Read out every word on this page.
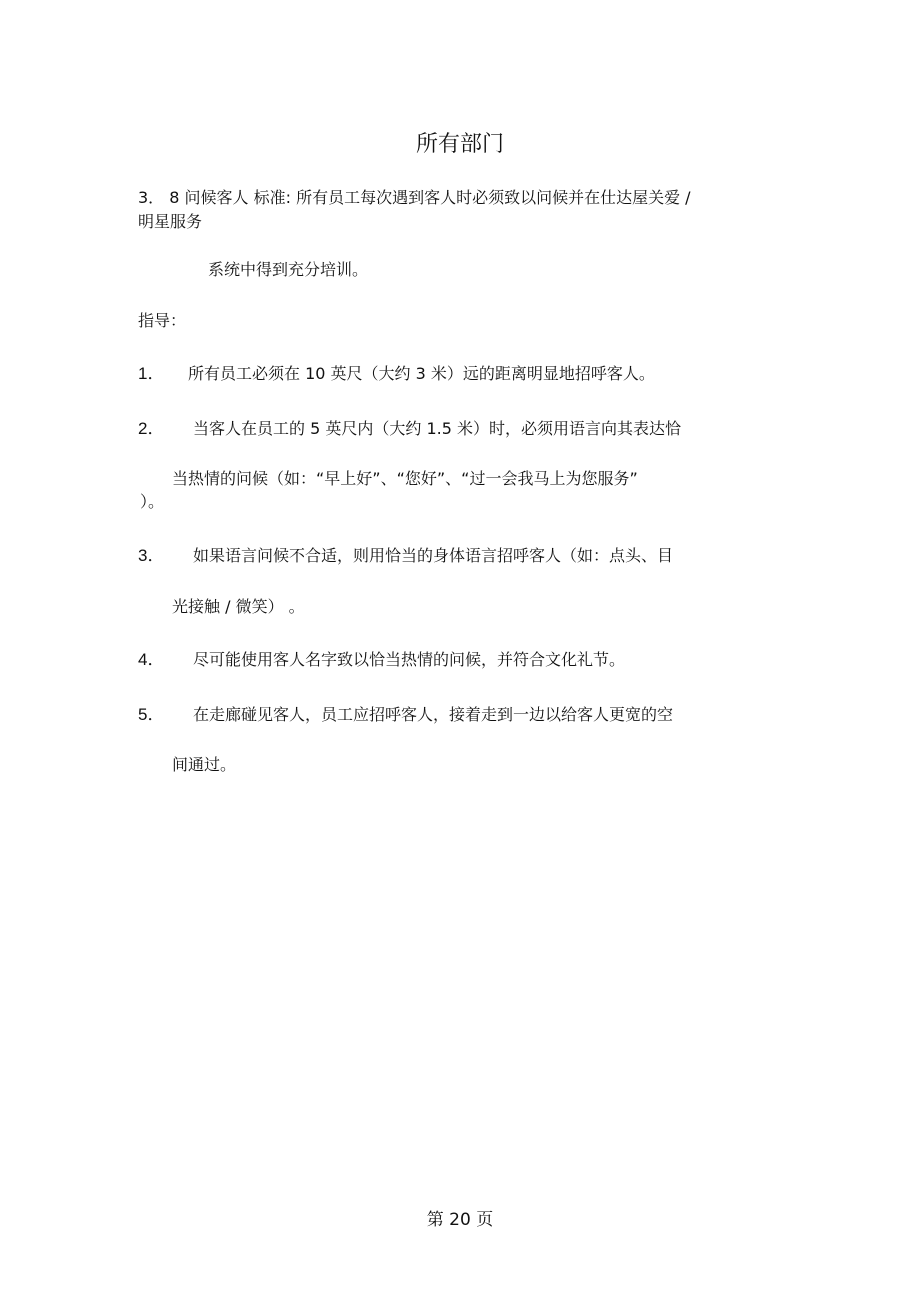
所有部门
3． 8 问候客人 标准: 所有员工每次遇到客人时必须致以问候并在仕达屋关爱 /
明星服务
系统中得到充分培训。
指导：
1． 所有员工必须在 10 英尺（大约 3 米）远的距离明显地招呼客人。
2． 当客人在员工的 5 英尺内（大约 1.5 米）时，必须用语言向其表达恰
当热情的问候（如：“早上好”、“您好”、“过一会我马上为您服务”
）。
3． 如果语言问候不合适，则用恰当的身体语言招呼客人（如：点头、目
光接触 / 微笑） 。
4． 尽可能使用客人名字致以恰当热情的问候，并符合文化礼节。
5． 在走廊碰见客人，员工应招呼客人，接着走到一边以给客人更宽的空
间通过。
第 20 页
